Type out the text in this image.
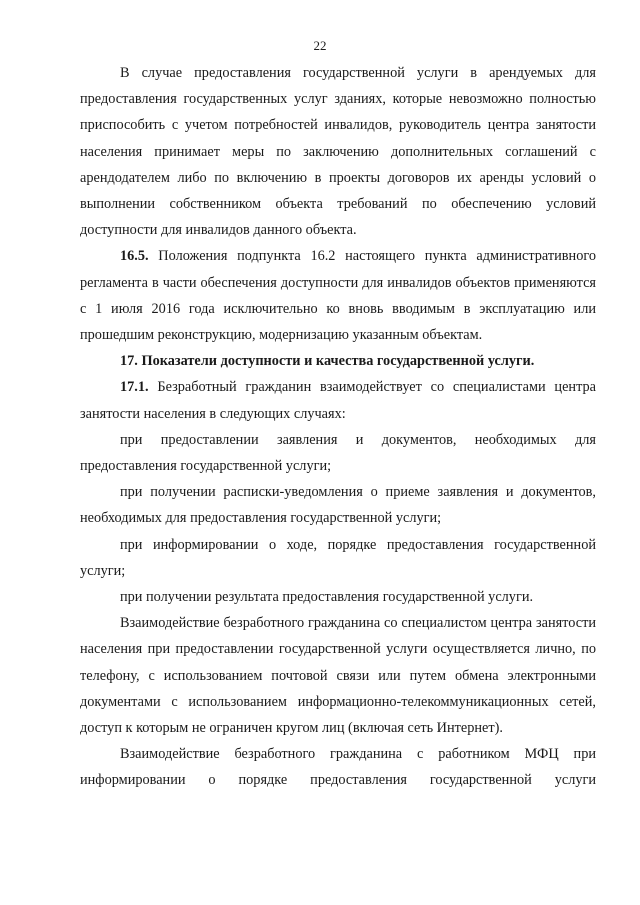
22

В случае предоставления государственной услуги в арендуемых для предоставления государственных услуг зданиях, которые невозможно полностью приспособить с учетом потребностей инвалидов, руководитель центра занятости населения принимает меры по заключению дополнительных соглашений с арендодателем либо по включению в проекты договоров их аренды условий о выполнении собственником объекта требований по обеспечению условий доступности для инвалидов данного объекта.

16.5. Положения подпункта 16.2 настоящего пункта административного регламента в части обеспечения доступности для инвалидов объектов применяются с 1 июля 2016 года исключительно ко вновь вводимым в эксплуатацию или прошедшим реконструкцию, модернизацию указанным объектам.

17. Показатели доступности и качества государственной услуги.

17.1. Безработный гражданин взаимодействует со специалистами центра занятости населения в следующих случаях:

при предоставлении заявления и документов, необходимых для предоставления государственной услуги;

при получении расписки-уведомления о приеме заявления и документов, необходимых для предоставления государственной услуги;

при информировании о ходе, порядке предоставления государственной услуги;

при получении результата предоставления государственной услуги.

Взаимодействие безработного гражданина со специалистом центра занятости населения при предоставлении государственной услуги осуществляется лично, по телефону, с использованием почтовой связи или путем обмена электронными документами с использованием информационно-телекоммуникационных сетей, доступ к которым не ограничен кругом лиц (включая сеть Интернет).

Взаимодействие безработного гражданина с работником МФЦ при информировании о порядке предоставления государственной услуги
